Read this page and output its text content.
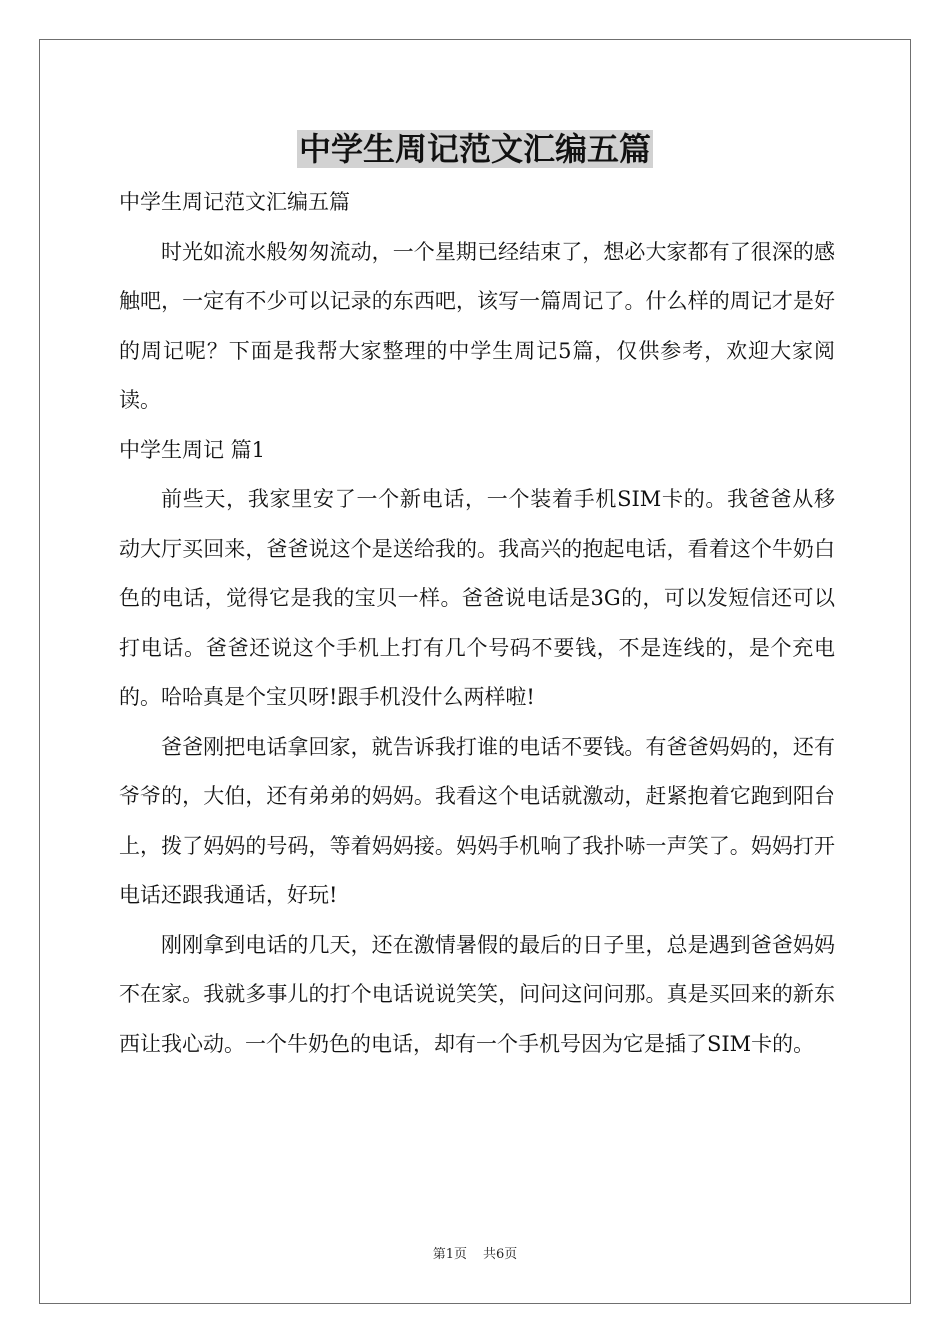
中学生周记范文汇编五篇

中学生周记范文汇编五篇

时光如流水般匆匆流动，一个星期已经结束了，想必大家都有了很深的感触吧，一定有不少可以记录的东西吧，该写一篇周记了。什么样的周记才是好的周记呢？下面是我帮大家整理的中学生周记5篇，仅供参考，欢迎大家阅读。

中学生周记 篇1

前些天，我家里安了一个新电话，一个装着手机SIM卡的。我爸爸从移动大厅买回来，爸爸说这个是送给我的。我高兴的抱起电话，看着这个牛奶白色的电话，觉得它是我的宝贝一样。爸爸说电话是3G的，可以发短信还可以打电话。爸爸还说这个手机上打有几个号码不要钱，不是连线的，是个充电的。哈哈真是个宝贝呀!跟手机没什么两样啦!

爸爸刚把电话拿回家，就告诉我打谁的电话不要钱。有爸爸妈妈的，还有爷爷的，大伯，还有弟弟的妈妈。我看这个电话就激动，赶紧抱着它跑到阳台上，拨了妈妈的号码，等着妈妈接。妈妈手机响了我扑哧一声笑了。妈妈打开电话还跟我通话，好玩!

刚刚拿到电话的几天，还在激情暑假的最后的日子里，总是遇到爸爸妈妈不在家。我就多事儿的打个电话说说笑笑，问问这问问那。真是买回来的新东西让我心动。一个牛奶色的电话，却有一个手机号因为它是插了SIM卡的。

第1页 共6页
